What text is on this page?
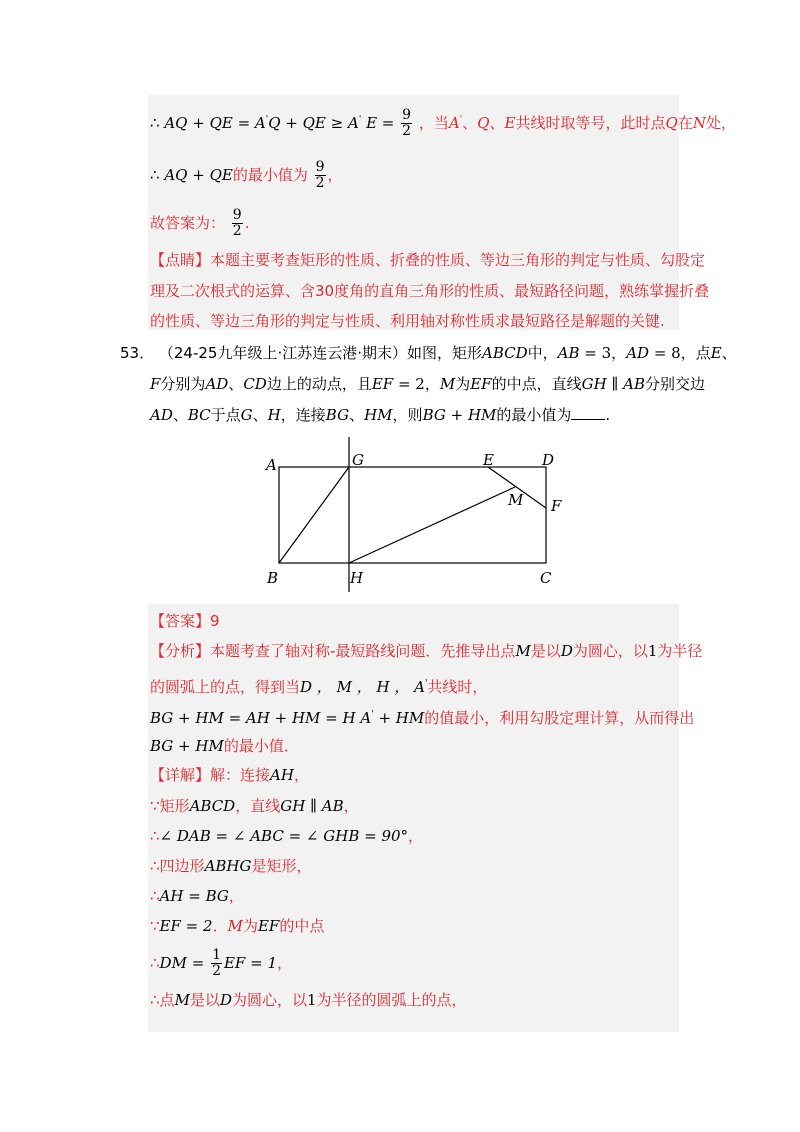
∴ AQ + QE = A'Q + QE ≥ A' $E = \frac{9}{2}$ ，当A'、Q、E共线时取等号，此时点Q在N处，
∴ AQ + QE的最小值为 $\frac{9}{2}$ ，
故答案为： $\frac{9}{2}$ .
【点睛】本题主要考查矩形的性质、折叠的性质、等边三角形的判定与性质、勾股定
理及二次根式的运算、含30度角的直角三角形的性质、最短路径问题，熟练掌握折叠
的性质、等边三角形的判定与性质、利用轴对称性质求最短路径是解题的关键.
53． （24-25九年级上·江苏连云港·期末）如图，矩形ABCD中，AB = 3，AD = 8，点E、
F分别为AD、CD边上的动点，且EF = 2，M为EF的中点，直线GH ∥ AB分别交边
AD、BC于点G、H，连接BG、HM，则BG + HM的最小值为 .
A	G	E	D
M F
B	H	C
【答案】9
【分析】本题考查了轴对称-最短路线问题．先推导出点M是以D为圆心，以1为半径
的圆弧上的点，得到当D ， M ， H ， A'共线时，
BG + HM = AH + HM = H A' + HM的值最小，利用勾股定理计算，从而得出
BG + HM的最小值．
【详解】解：连接AH，
∵矩形ABCD，直线GH ∥ AB，
∴∠ DAB = ∠ ABC = ∠ GHB = 90°，
∴四边形ABHG是矩形，
∴AH = BG，
∵EF = 2．M为EF的中点
∴DM = $\frac{1}{2}$ EF = 1，
∴点M是以D为圆心，以1为半径的圆弧上的点，
